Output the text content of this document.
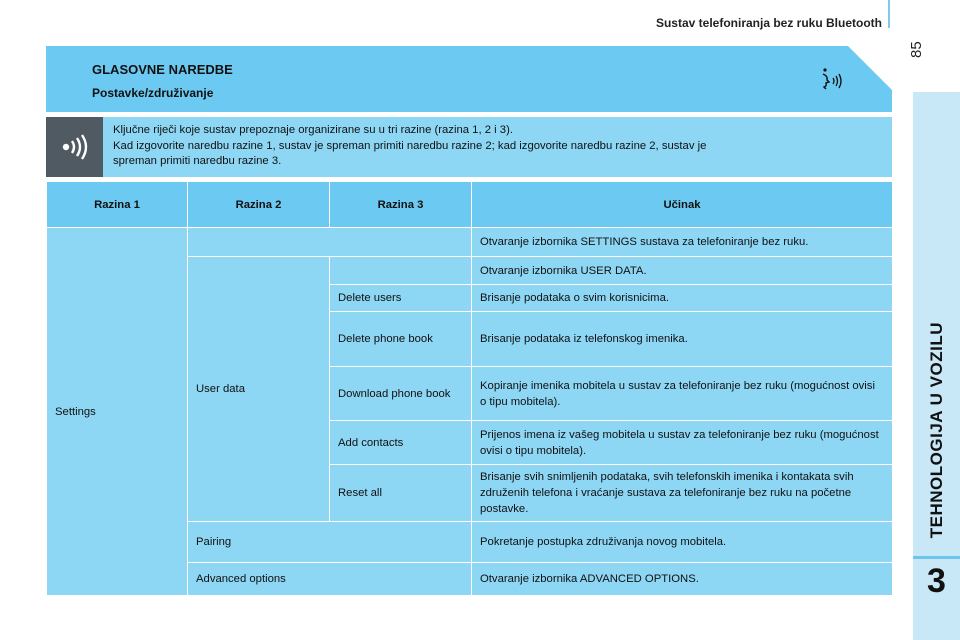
Sustav telefoniranja bez ruku Bluetooth
85
TEHNOLOGIJA U VOZILU
3
GLASOVNE NAREDBE
Postavke/združivanje
Ključne riječi koje sustav prepoznaje organizirane su u tri razine (razina 1, 2 i 3).
Kad izgovorite naredbu razine 1, sustav je spreman primiti naredbu razine 2; kad izgovorite naredbu razine 2, sustav je
spreman primiti naredbu razine 3.
Razina 1	Razina 2	Razina 3	Učinak
Settings			Otvaranje izbornika SETTINGS sustava za telefoniranje bez ruku.
	User data		Otvaranje izbornika USER DATA.
		Delete users	Brisanje podataka o svim korisnicima.
		Delete phone book	Brisanje podataka iz telefonskog imenika.
		Download phone book	Kopiranje imenika mobitela u sustav za telefoniranje bez ruku (mogućnost ovisi o tipu mobitela).
		Add contacts	Prijenos imena iz vašeg mobitela u sustav za telefoniranje bez ruku (mogućnost ovisi o tipu mobitela).
		Reset all	Brisanje svih snimljenih podataka, svih telefonskih imenika i kontakata svih združenih telefona i vraćanje sustava za telefoniranje bez ruku na početne postavke.
	Pairing		Pokretanje postupka združivanja novog mobitela.
	Advanced options		Otvaranje izbornika ADVANCED OPTIONS.
